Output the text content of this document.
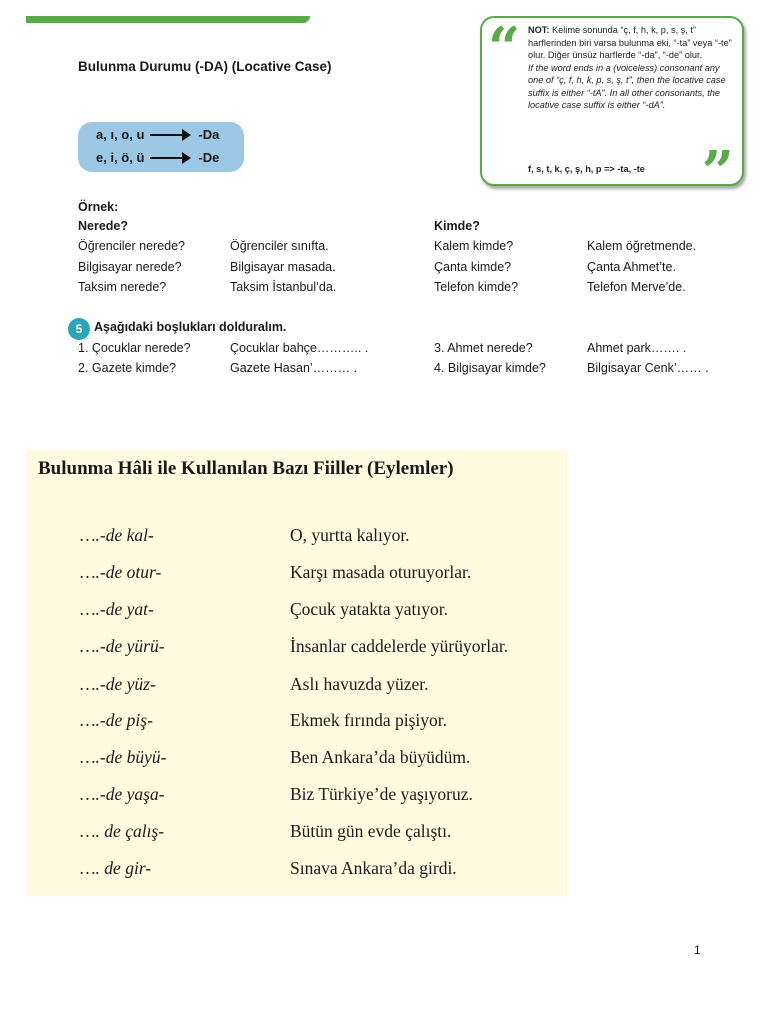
Bulunma Durumu (-DA) (Locative Case)
a, ı, o, u	-Da
e, i, ö, ü	-De
“ NOT: Kelime sonunda “ç, f, h, k, p, s, ş, t” harflerinden biri varsa bulunma eki, “-ta” veya “-te” olur. Diğer ünsüz harflerde “-da”, “-de” olur.
If the word ends in a (voiceless) consonant any one of “ç, f, h, k, p, s, ş, t”, then the locative case suffix is either “-tA”. In all other consonants, the locative case suffix is either “-dA”.
f, s, t, k, ç, ş, h, p => -ta, -te ”
Örnek:
Nerede?	Kimde?
Öğrenciler nerede?	Öğrenciler sınıfta.	Kalem kimde?	Kalem öğretmende.
Bilgisayar nerede?	Bilgisayar masada.	Çanta kimde?	Çanta Ahmet’te.
Taksim nerede?	Taksim İstanbul’da.	Telefon kimde?	Telefon Merve’de.
5 Aşağıdaki boşlukları dolduralım.
1. Çocuklar nerede?	Çocuklar bahçe……….. .	3. Ahmet nerede?	Ahmet park……. .
2. Gazete kimde?	Gazete Hasan’……… .	4. Bilgisayar kimde?	Bilgisayar Cenk’…… .
Bulunma Hâli ile Kullanılan Bazı Fiiller (Eylemler)
….-de kal-	O, yurtta kalıyor.
….-de otur-	Karşı masada oturuyorlar.
….-de yat-	Çocuk yatakta yatıyor.
….-de yürü-	İnsanlar caddelerde yürüyorlar.
….-de yüz-	Aslı havuzda yüzer.
….-de piş-	Ekmek fırında pişiyor.
….-de büyü-	Ben Ankara’da büyüdüm.
….-de yaşa-	Biz Türkiye’de yaşıyoruz.
…. de çalış-	Bütün gün evde çalıştı.
…. de gir-	Sınava Ankara’da girdi.
1
